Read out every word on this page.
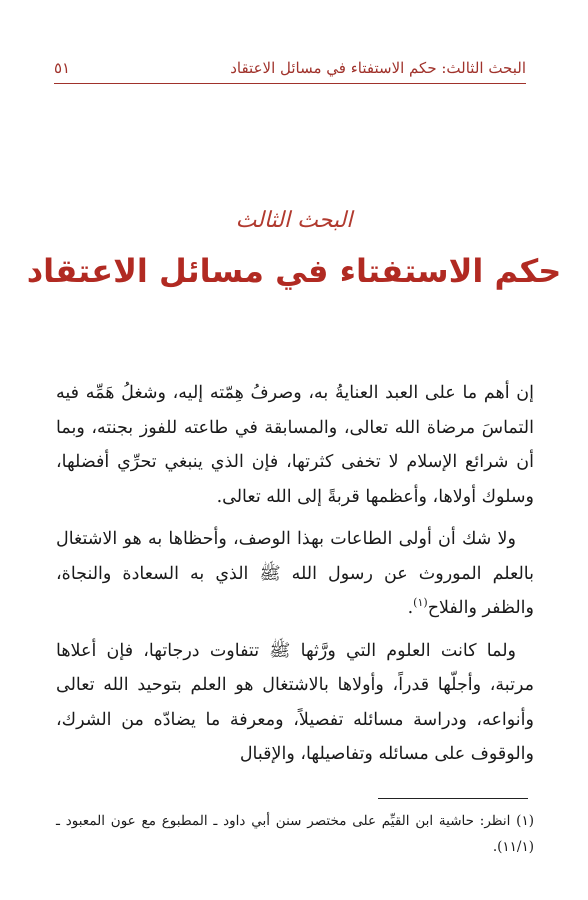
البحث الثالث: حكم الاستفتاء في مسائل الاعتقاد
٥١
البحث الثالث
حكم الاستفتاء في مسائل الاعتقاد

إن أهم ما على العبد العنايةُ به، وصرفُ هِمّته إليه، وشغلُ هَمِّه فيه التماسَ مرضاة الله تعالى، والمسابقة في طاعته للفوز بجنته، وبما أن شرائع الإسلام لا تخفى كثرتها، فإن الذي ينبغي تحرِّي أفضلها، وسلوك أولاها، وأعظمها قربةً إلى الله تعالى.

ولا شك أن أولى الطاعات بهذا الوصف، وأحظاها به هو الاشتغال بالعلم الموروث عن رسول الله ﷺ الذي به السعادة والنجاة، والظفر والفلاح$^{(١)}$.

ولما كانت العلوم التي ورَّثها ﷺ تتفاوت درجاتها، فإن أعلاها مرتبة، وأجلّها قدراً، وأولاها بالاشتغال هو العلم بتوحيد الله تعالى وأنواعه، ودراسة مسائله تفصيلاً، ومعرفة ما يضادّه من الشرك، والوقوف على مسائله وتفاصيلها، والإقبال

(١) انظر: حاشية ابن القيِّم على مختصر سنن أبي داود ـ المطبوع مع عون المعبود ـ (١١/١).
